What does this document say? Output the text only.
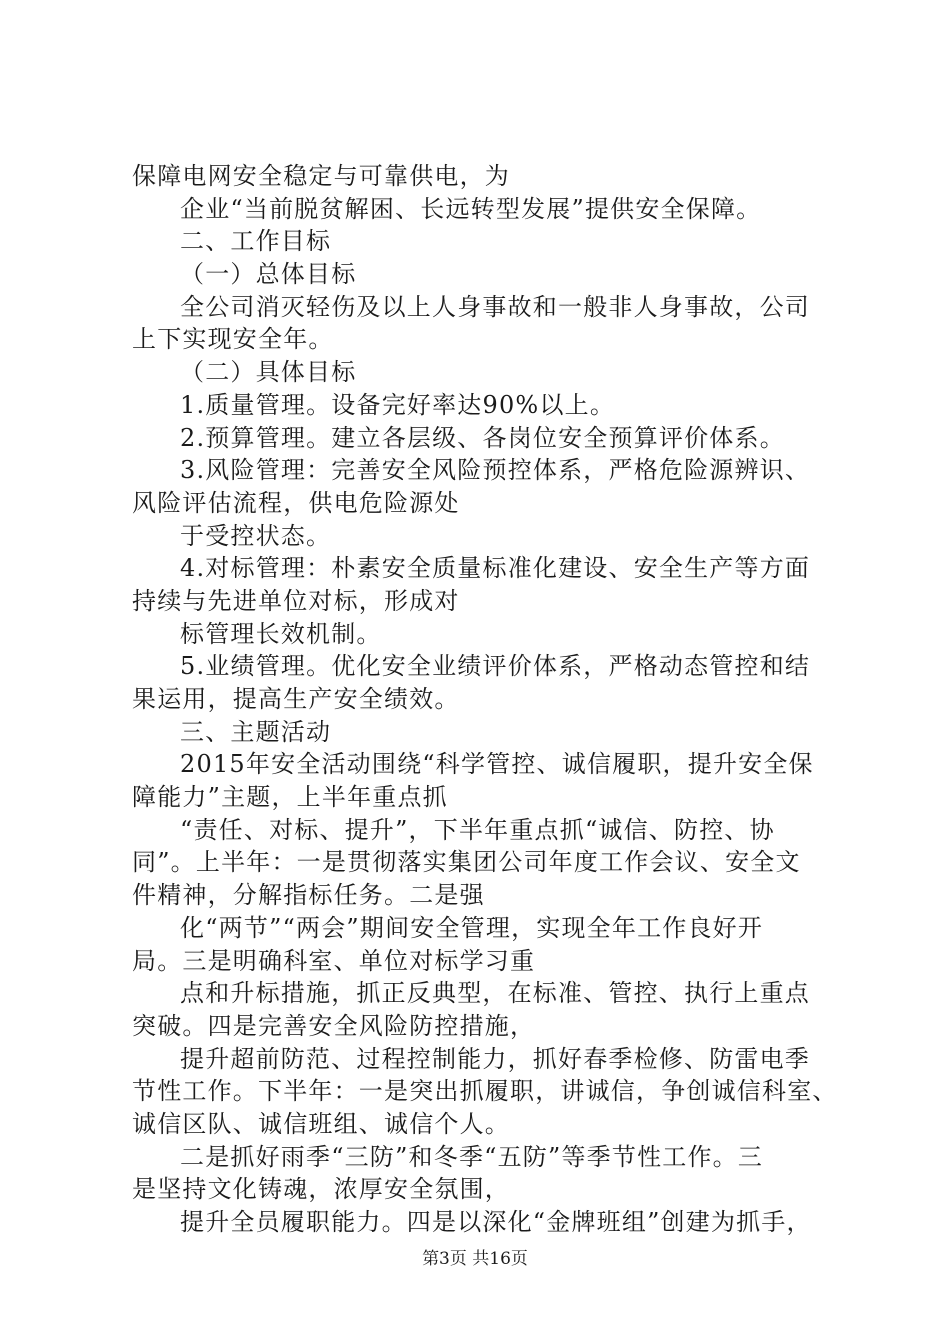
保障电网安全稳定与可靠供电，为
企业“当前脱贫解困、长远转型发展”提供安全保障。
二、工作目标
（一）总体目标
全公司消灭轻伤及以上人身事故和一般非人身事故，公司
上下实现安全年。
（二）具体目标
1.质量管理。设备完好率达90%以上。
2.预算管理。建立各层级、各岗位安全预算评价体系。
3.风险管理：完善安全风险预控体系，严格危险源辨识、
风险评估流程，供电危险源处
于受控状态。
4.对标管理：朴素安全质量标准化建设、安全生产等方面
持续与先进单位对标，形成对
标管理长效机制。
5.业绩管理。优化安全业绩评价体系，严格动态管控和结
果运用，提高生产安全绩效。
三、主题活动
2015年安全活动围绕“科学管控、诚信履职，提升安全保
障能力”主题，上半年重点抓
“责任、对标、提升”，下半年重点抓“诚信、防控、协
同”。上半年：一是贯彻落实集团公司年度工作会议、安全文
件精神，分解指标任务。二是强
化“两节”“两会”期间安全管理，实现全年工作良好开
局。三是明确科室、单位对标学习重
点和升标措施，抓正反典型，在标准、管控、执行上重点
突破。四是完善安全风险防控措施，
提升超前防范、过程控制能力，抓好春季检修、防雷电季
节性工作。下半年：一是突出抓履职，讲诚信，争创诚信科室、
诚信区队、诚信班组、诚信个人。
二是抓好雨季“三防”和冬季“五防”等季节性工作。三
是坚持文化铸魂，浓厚安全氛围，
提升全员履职能力。四是以深化“金牌班组”创建为抓手，
第3页 共16页
